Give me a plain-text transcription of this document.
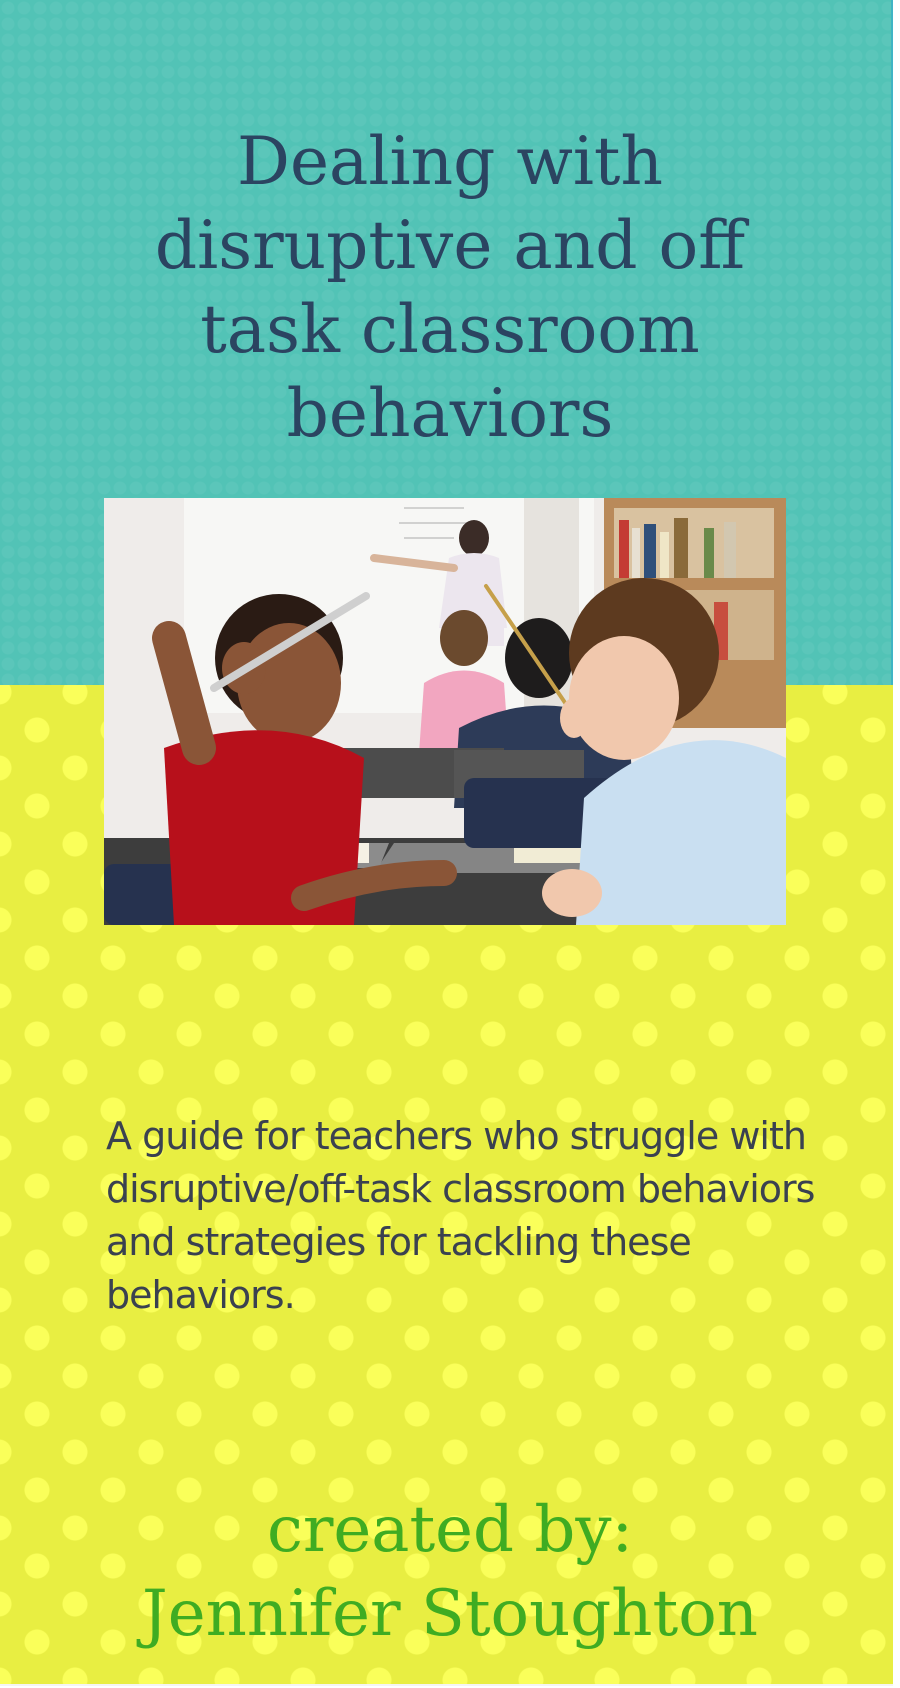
Dealing with disruptive and off task classroom behaviors

A guide for teachers who struggle with disruptive/off-task classroom behaviors and strategies for tackling these behaviors.

created by:
Jennifer Stoughton
